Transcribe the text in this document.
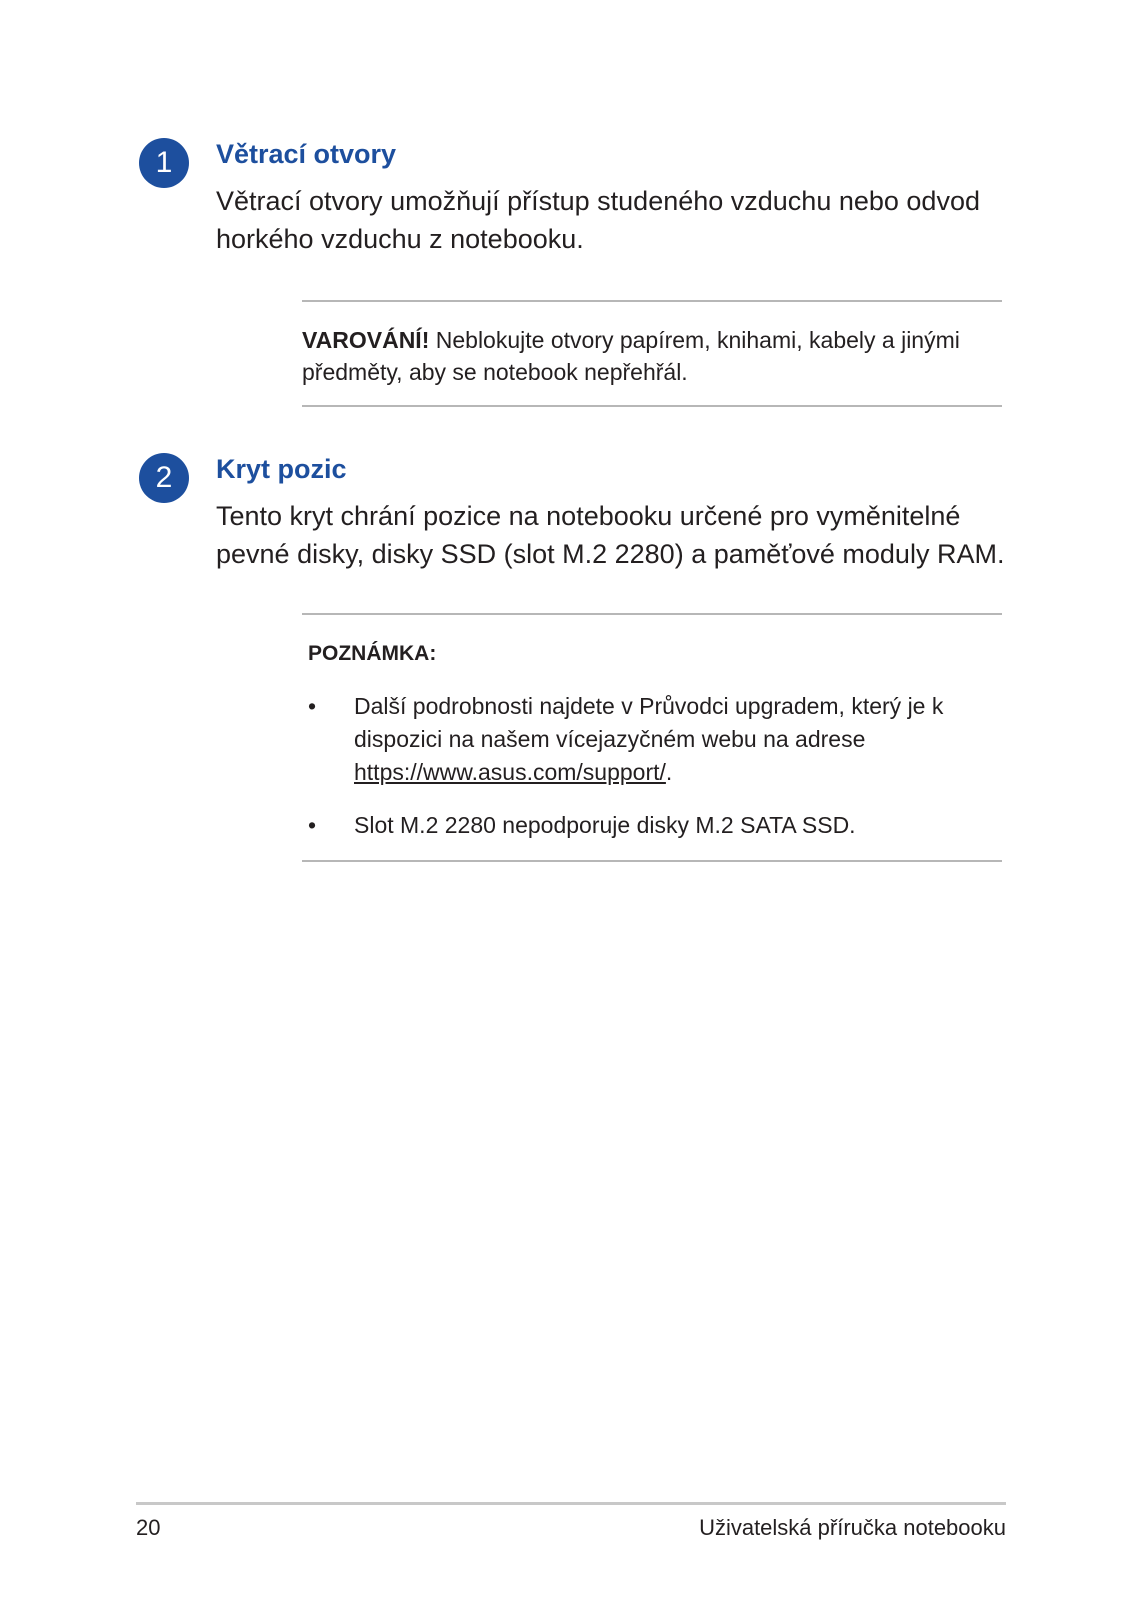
1	Větrací otvory

Větrací otvory umožňují přístup studeného vzduchu nebo odvod horkého vzduchu z notebooku.

VAROVÁNÍ! Neblokujte otvory papírem, knihami, kabely a jinými předměty, aby se notebook nepřehřál.

2	Kryt pozic

Tento kryt chrání pozice na notebooku určené pro vyměnitelné pevné disky, disky SSD (slot M.2 2280) a paměťové moduly RAM.

POZNÁMKA:

• Další podrobnosti najdete v Průvodci upgradem, který je k dispozici na našem vícejazyčném webu na adrese https://www.asus.com/support/.
• Slot M.2 2280 nepodporuje disky M.2 SATA SSD.
20	Uživatelská příručka notebooku
